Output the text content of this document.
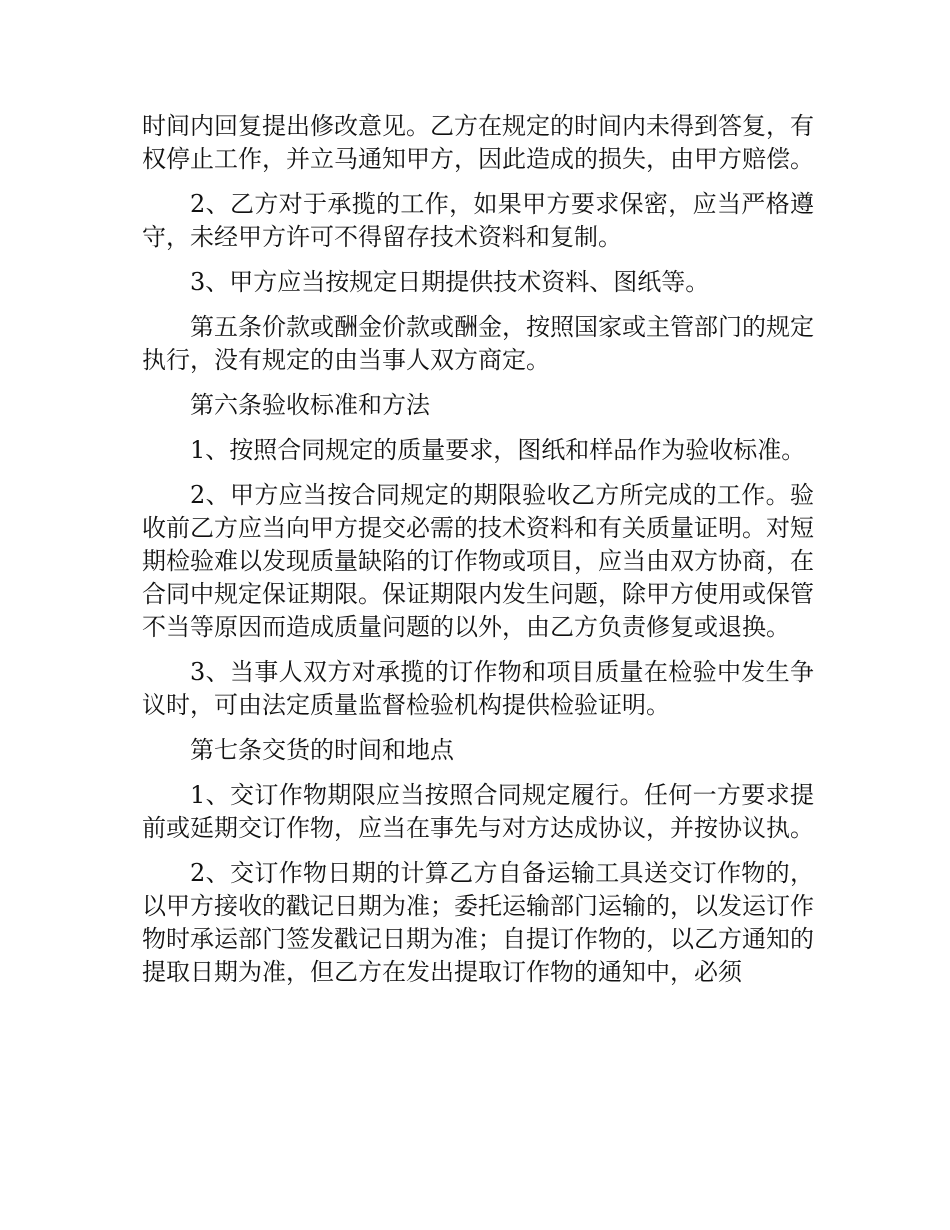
时间内回复提出修改意见。乙方在规定的时间内未得到答复，有权停止工作，并立马通知甲方，因此造成的损失，由甲方赔偿。

2、乙方对于承揽的工作，如果甲方要求保密，应当严格遵守，未经甲方许可不得留存技术资料和复制。

3、甲方应当按规定日期提供技术资料、图纸等。

第五条价款或酬金价款或酬金，按照国家或主管部门的规定执行，没有规定的由当事人双方商定。

第六条验收标准和方法

1、按照合同规定的质量要求，图纸和样品作为验收标准。

2、甲方应当按合同规定的期限验收乙方所完成的工作。验收前乙方应当向甲方提交必需的技术资料和有关质量证明。对短期检验难以发现质量缺陷的订作物或项目，应当由双方协商，在合同中规定保证期限。保证期限内发生问题，除甲方使用或保管不当等原因而造成质量问题的以外，由乙方负责修复或退换。

3、当事人双方对承揽的订作物和项目质量在检验中发生争议时，可由法定质量监督检验机构提供检验证明。

第七条交货的时间和地点

1、交订作物期限应当按照合同规定履行。任何一方要求提前或延期交订作物，应当在事先与对方达成协议，并按协议执。

2、交订作物日期的计算乙方自备运输工具送交订作物的，以甲方接收的戳记日期为准；委托运输部门运输的，以发运订作物时承运部门签发戳记日期为准；自提订作物的，以乙方通知的提取日期为准，但乙方在发出提取订作物的通知中，必须
